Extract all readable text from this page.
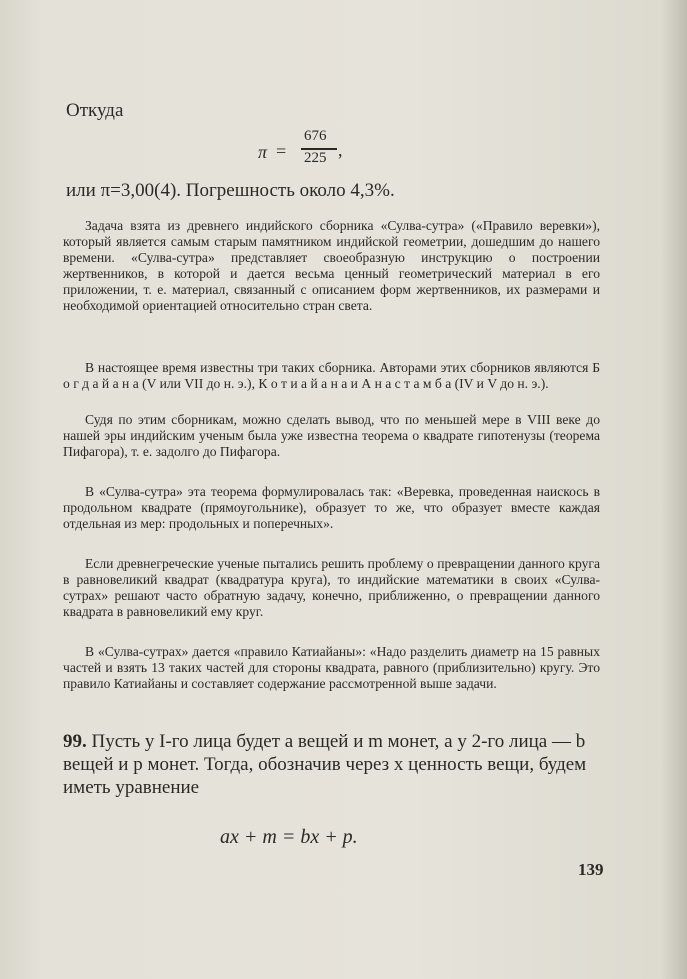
Откуда
π =
676
225 ,
или π=3,00(4). Погрешность около 4,3%.
Задача взята из древнего индийского сборника «Сулва-сутра» («Правило веревки»), который является самым старым памятником индийской геометрии, дошедшим до нашего времени. «Сулва-сутра» представляет своеобразную инструкцию о построении жертвенников, в которой и дается весьма ценный геометрический материал в его приложении, т. е. материал, связанный с описанием форм жертвенников, их размерами и необходимой ориентацией относительно стран света.
В настоящее время известны три таких сборника. Авторами этих сборников являются Б о г д а й а н а (V или VII до н. э.), К о т и а й а н а и А н а с т а м б а (IV и V до н. э.).
Судя по этим сборникам, можно сделать вывод, что по меньшей мере в VIII веке до нашей эры индийским ученым была уже известна теорема о квадрате гипотенузы (теорема Пифагора), т. е. задолго до Пифагора.
В «Сулва-сутра» эта теорема формулировалась так: «Веревка, проведенная наискось в продольном квадрате (прямоугольнике), образует то же, что образует вместе каждая отдельная из мер: продольных и поперечных».
Если древнегреческие ученые пытались решить проблему о превращении данного круга в равновеликий квадрат (квадратура круга), то индийские математики в своих «Сулва-сутрах» решают часто обратную задачу, конечно, приближенно, о превращении данного квадрата в равновеликий ему круг.
В «Сулва-сутрах» дается «правило Катиайаны»: «Надо разделить диаметр на 15 равных частей и взять 13 таких частей для стороны квадрата, равного (приблизительно) кругу. Это правило Катиайаны и составляет содержание рассмотренной выше задачи.
99. Пусть у I-го лица будет a вещей и m монет, а у 2-го лица — b вещей и p монет. Тогда, обозначив через x ценность вещи, будем иметь уравнение
ax + m = bx + p.
139
